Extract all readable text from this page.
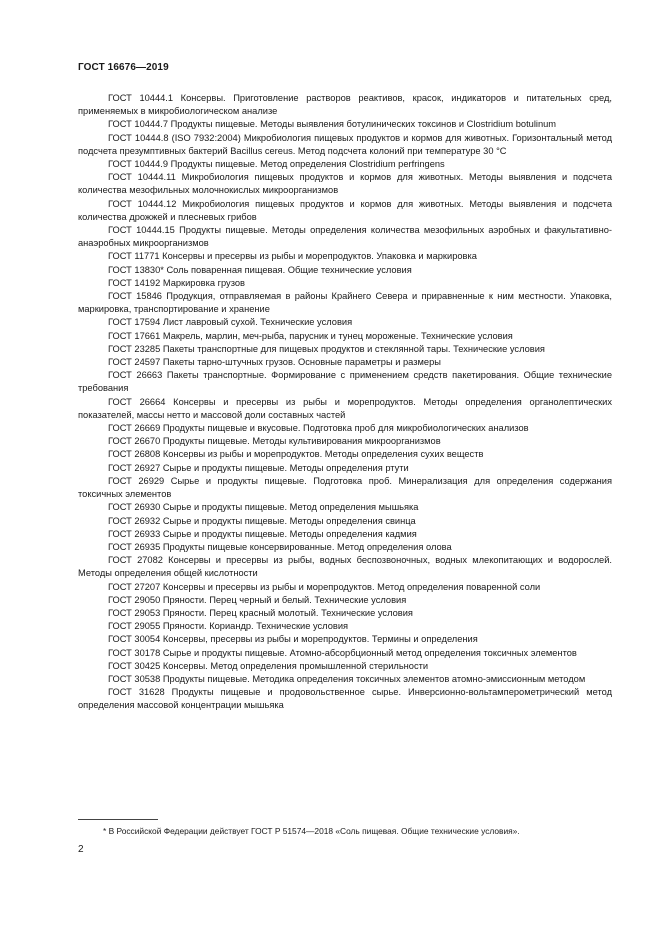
ГОСТ 16676—2019

ГОСТ 10444.1 Консервы. Приготовление растворов реактивов, красок, индикаторов и питательных сред, применяемых в микробиологическом анализе

ГОСТ 10444.7 Продукты пищевые. Методы выявления ботулинических токсинов и Clostridium botulinum

ГОСТ 10444.8 (ISO 7932:2004) Микробиология пищевых продуктов и кормов для животных. Горизонтальный метод подсчета презумптивных бактерий Bacillus cereus. Метод подсчета колоний при температуре 30 °С

ГОСТ 10444.9 Продукты пищевые. Метод определения Clostridium perfringens

ГОСТ 10444.11 Микробиология пищевых продуктов и кормов для животных. Методы выявления и подсчета количества мезофильных молочнокислых микроорганизмов

ГОСТ 10444.12 Микробиология пищевых продуктов и кормов для животных. Методы выявления и подсчета количества дрожжей и плесневых грибов

ГОСТ 10444.15 Продукты пищевые. Методы определения количества мезофильных аэробных и факультативно-анаэробных микроорганизмов

ГОСТ 11771 Консервы и пресервы из рыбы и морепродуктов. Упаковка и маркировка

ГОСТ 13830* Соль поваренная пищевая. Общие технические условия

ГОСТ 14192 Маркировка грузов

ГОСТ 15846 Продукция, отправляемая в районы Крайнего Севера и приравненные к ним местности. Упаковка, маркировка, транспортирование и хранение

ГОСТ 17594 Лист лавровый сухой. Технические условия

ГОСТ 17661 Макрель, марлин, меч-рыба, парусник и тунец мороженые. Технические условия

ГОСТ 23285 Пакеты транспортные для пищевых продуктов и стеклянной тары. Технические условия

ГОСТ 24597 Пакеты тарно-штучных грузов. Основные параметры и размеры

ГОСТ 26663 Пакеты транспортные. Формирование с применением средств пакетирования. Общие технические требования

ГОСТ 26664 Консервы и пресервы из рыбы и морепродуктов. Методы определения органолептических показателей, массы нетто и массовой доли составных частей

ГОСТ 26669 Продукты пищевые и вкусовые. Подготовка проб для микробиологических анализов

ГОСТ 26670 Продукты пищевые. Методы культивирования микроорганизмов

ГОСТ 26808 Консервы из рыбы и морепродуктов. Методы определения сухих веществ

ГОСТ 26927 Сырье и продукты пищевые. Методы определения ртути

ГОСТ 26929 Сырье и продукты пищевые. Подготовка проб. Минерализация для определения содержания токсичных элементов

ГОСТ 26930 Сырье и продукты пищевые. Метод определения мышьяка

ГОСТ 26932 Сырье и продукты пищевые. Методы определения свинца

ГОСТ 26933 Сырье и продукты пищевые. Методы определения кадмия

ГОСТ 26935 Продукты пищевые консервированные. Метод определения олова

ГОСТ 27082 Консервы и пресервы из рыбы, водных беспозвоночных, водных млекопитающих и водорослей. Методы определения общей кислотности

ГОСТ 27207 Консервы и пресервы из рыбы и морепродуктов. Метод определения поваренной соли

ГОСТ 29050 Пряности. Перец черный и белый. Технические условия

ГОСТ 29053 Пряности. Перец красный молотый. Технические условия

ГОСТ 29055 Пряности. Кориандр. Технические условия

ГОСТ 30054 Консервы, пресервы из рыбы и морепродуктов. Термины и определения

ГОСТ 30178 Сырье и продукты пищевые. Атомно-абсорбционный метод определения токсичных элементов

ГОСТ 30425 Консервы. Метод определения промышленной стерильности

ГОСТ 30538 Продукты пищевые. Методика определения токсичных элементов атомно-эмиссионным методом

ГОСТ 31628 Продукты пищевые и продовольственное сырье. Инверсионно-вольтамперометрический метод определения массовой концентрации мышьяка

* В Российской Федерации действует ГОСТ Р 51574—2018 «Соль пищевая. Общие технические условия».
2
